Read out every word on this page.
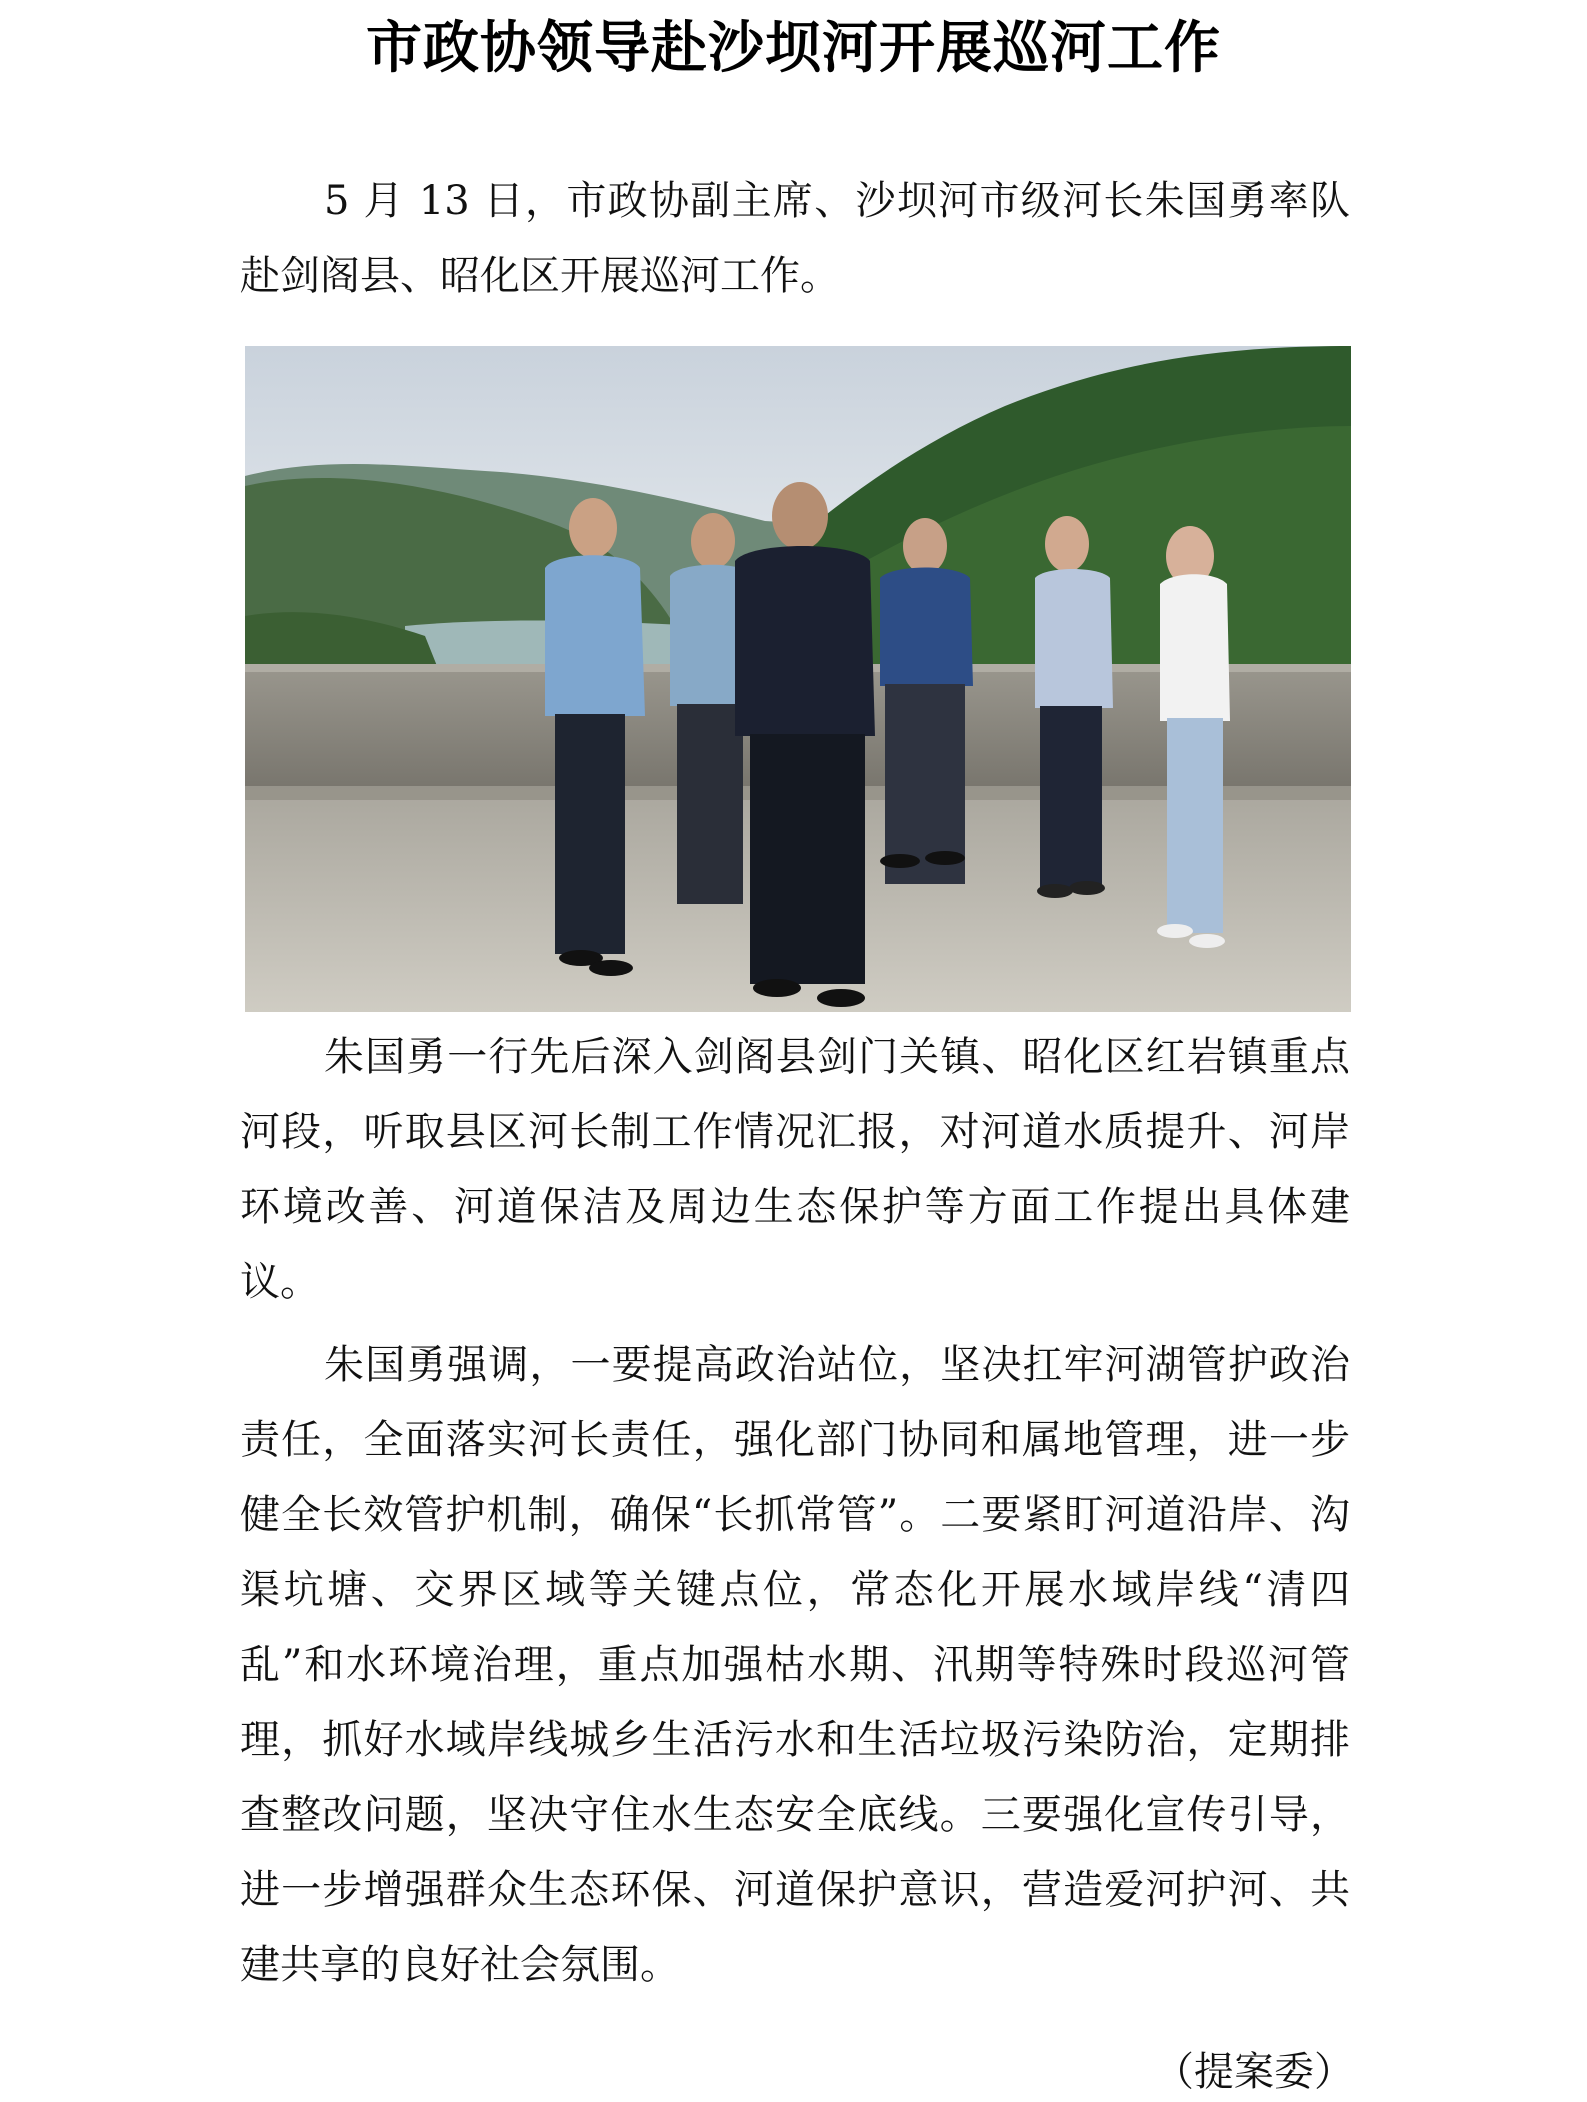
市政协领导赴沙坝河开展巡河工作

5 月 13 日，市政协副主席、沙坝河市级河长朱国勇率队赴剑阁县、昭化区开展巡河工作。

朱国勇一行先后深入剑阁县剑门关镇、昭化区红岩镇重点河段，听取县区河长制工作情况汇报，对河道水质提升、河岸环境改善、河道保洁及周边生态保护等方面工作提出具体建议。

朱国勇强调，一要提高政治站位，坚决扛牢河湖管护政治责任，全面落实河长责任，强化部门协同和属地管理，进一步健全长效管护机制，确保“长抓常管”。二要紧盯河道沿岸、沟渠坑塘、交界区域等关键点位，常态化开展水域岸线“清四乱”和水环境治理，重点加强枯水期、汛期等特殊时段巡河管理，抓好水域岸线城乡生活污水和生活垃圾污染防治，定期排查整改问题，坚决守住水生态安全底线。三要强化宣传引导，进一步增强群众生态环保、河道保护意识，营造爱河护河、共建共享的良好社会氛围。

（提案委）
